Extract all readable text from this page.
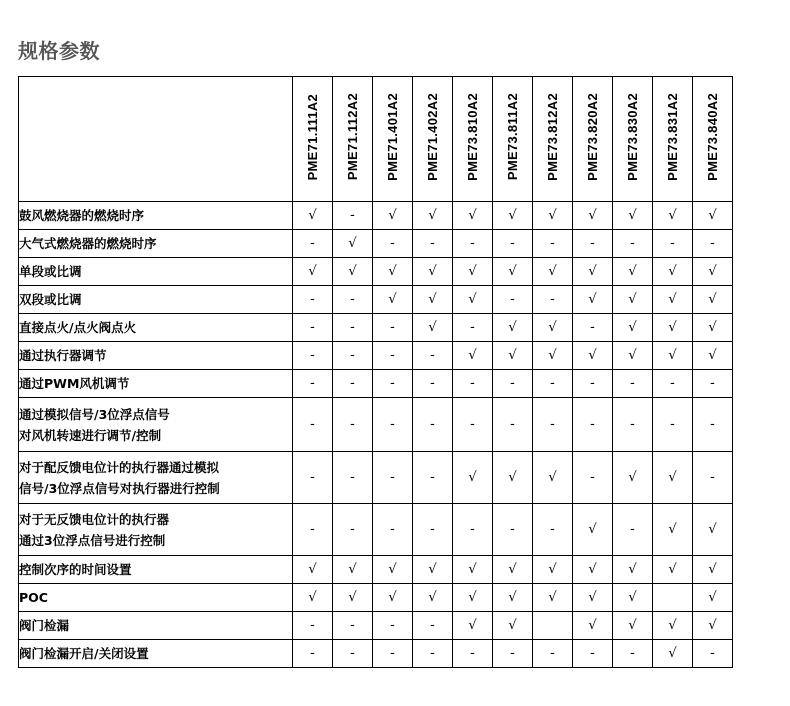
规格参数
	PME71.111A2	PME71.112A2	PME71.401A2	PME71.402A2	PME73.810A2	PME73.811A2	PME73.812A2	PME73.820A2	PME73.830A2	PME73.831A2	PME73.840A2

鼓风燃烧器的燃烧时序	√	-	√	√	√	√	√	√	√	√	√

大气式燃烧器的燃烧时序	-	√	-	-	-	-	-	-	-	-	-

单段或比调	√	√	√	√	√	√	√	√	√	√	√

双段或比调	-	-	√	√	√	-	-	√	√	√	√

直接点火/点火阀点火	-	-	-	√	-	√	√	-	√	√	√

通过执行器调节	-	-	-	-	√	√	√	√	√	√	√

通过PWM风机调节	-	-	-	-	-	-	-	-	-	-	-

通过模拟信号/3位浮点信号
对风机转速进行调节/控制	-	-	-	-	-	-	-	-	-	-	-

对于配反馈电位计的执行器通过模拟
信号/3位浮点信号对执行器进行控制	-	-	-	-	√	√	√	-	√	√	-

对于无反馈电位计的执行器
通过3位浮点信号进行控制	-	-	-	-	-	-	-	√	-	√	√

控制次序的时间设置	√	√	√	√	√	√	√	√	√	√	√

POC	√	√	√	√	√	√	√	√	√		√

阀门检漏	-	-	-	-	√	√		√	√	√	√

阀门检漏开启/关闭设置	-	-	-	-	-	-	-	-	-	√	-
